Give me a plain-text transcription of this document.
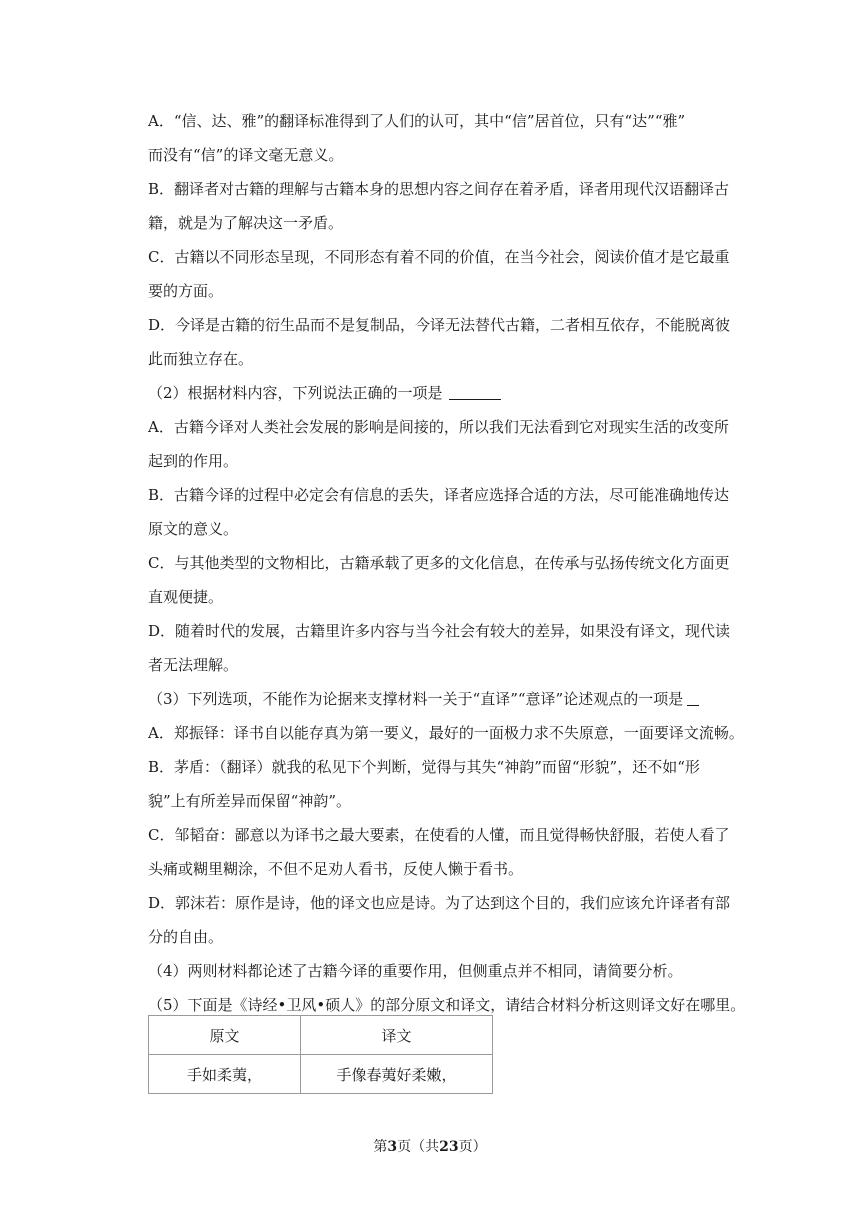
A．“信、达、雅”的翻译标准得到了人们的认可，其中“信”居首位，只有“达”“雅”
而没有“信”的译文毫无意义。
B．翻译者对古籍的理解与古籍本身的思想内容之间存在着矛盾，译者用现代汉语翻译古
籍，就是为了解决这一矛盾。
C．古籍以不同形态呈现，不同形态有着不同的价值，在当今社会，阅读价值才是它最重
要的方面。
D．今译是古籍的衍生品而不是复制品，今译无法替代古籍，二者相互依存，不能脱离彼
此而独立存在。
（2）根据材料内容，下列说法正确的一项是
A．古籍今译对人类社会发展的影响是间接的，所以我们无法看到它对现实生活的改变所
起到的作用。
B．古籍今译的过程中必定会有信息的丢失，译者应选择合适的方法，尽可能准确地传达
原文的意义。
C．与其他类型的文物相比，古籍承载了更多的文化信息，在传承与弘扬传统文化方面更
直观便捷。
D．随着时代的发展，古籍里许多内容与当今社会有较大的差异，如果没有译文，现代读
者无法理解。
（3）下列选项，不能作为论据来支撑材料一关于“直译”“意译”论述观点的一项是
A．郑振铎：译书自以能存真为第一要义，最好的一面极力求不失原意，一面要译文流畅。
B．茅盾：（翻译）就我的私见下个判断，觉得与其失“神韵”而留“形貌”，还不如“形
貌”上有所差异而保留“神韵”。
C．邹韬奋：鄙意以为译书之最大要素，在使看的人懂，而且觉得畅快舒服，若使人看了
头痛或糊里糊涂，不但不足劝人看书，反使人懒于看书。
D．郭沫若：原作是诗，他的译文也应是诗。为了达到这个目的，我们应该允许译者有部
分的自由。
（4）两则材料都论述了古籍今译的重要作用，但侧重点并不相同，请简要分析。
（5）下面是《诗经•卫风•硕人》的部分原文和译文，请结合材料分析这则译文好在哪里。
原文	译文
手如柔荑，	手像春荑好柔嫩，
第3页（共23页）
